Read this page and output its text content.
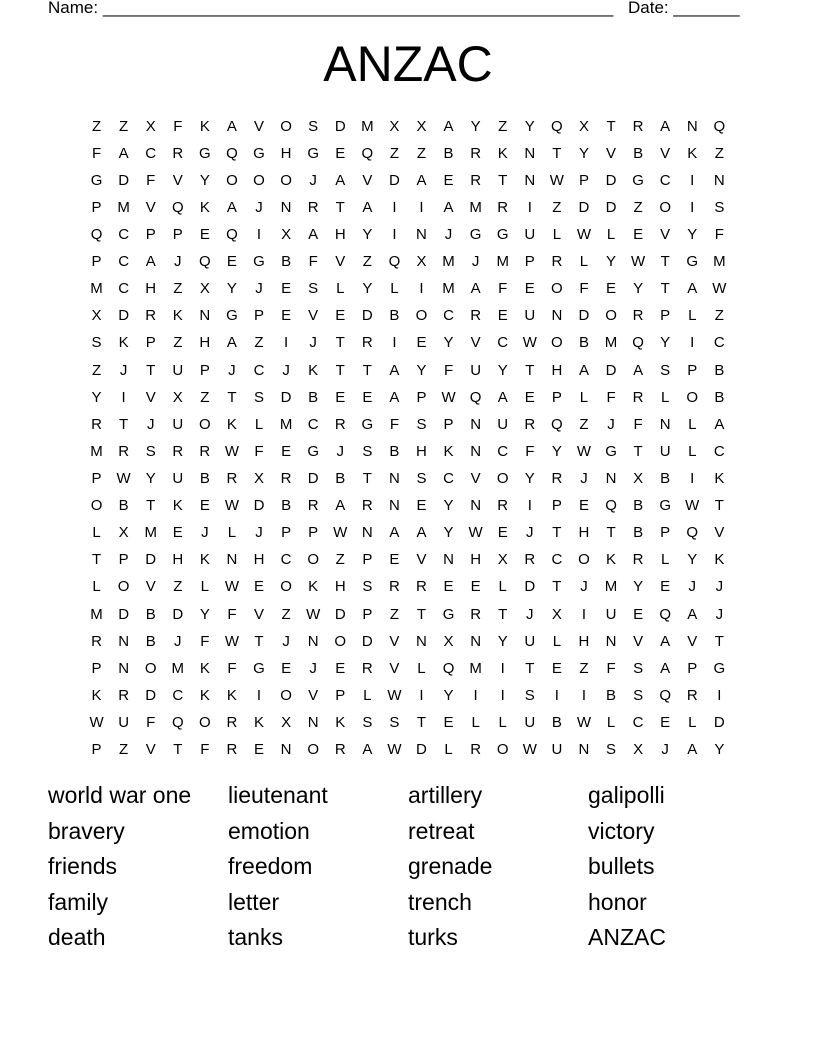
Name: ______________________________________________________ Date: _______
ANZAC
Z	Z	X	F	K	A	V	O	S	D	M	X	X	A	Y	Z	Y	Q	X	T	R	A	N	Q
F	A	C	R	G	Q	G	H	G	E	Q	Z	Z	B	R	K	N	T	Y	V	B	V	K	Z
G	D	F	V	Y	O	O	O	J	A	V	D	A	E	R	T	N W P	D	G	C	I	N
P	M	V	Q	K	A	J	N	R	T	A	I	I	A	M	R	I	Z	D	D	Z	O	I	S
Q	C	P	P	E	Q	I	X	A	H	Y	I	N	J	G	G	U	L	W	L	E	V	Y	F
P	C	A	J	Q	E	G	B	F	V	Z	Q	X	M	J	M	P	R	L	Y W	T	G M
M	C	H	Z	X	Y	J	E	S	L	Y	L	I	M	A	F	E	O	F	E	Y	T	A W
X	D	R	K	N	G	P	E	V	E	D	B	O	C	R	E	U	N	D	O	R	P	L	Z
S	K	P	Z	H	A	Z	I	J	T	R	I	E	Y	V	C W O	B	M	Q	Y	I	C
Z	J	T	U	P	J	C	J	K	T	T	A	Y	F	U	Y	T	H	A	D	A	S	P	B
Y	I	V	X	Z	T	S	D	B	E	E	A	P W Q	A	E	P	L	F	R	L	O	B
R	T	J	U	O	K	L	M	C	R	G	F	S	P	N	U	R	Q	Z	J	F	N	L	A
M	R	S	R	R W	F	E	G	J	S	B	H	K	N	C	F	Y W G	T	U	L	C
P W Y	U	B	R	X	R	D	B	T	N	S	C	V	O	Y	R	J	N	X	B	I	K
O	B	T	K	E W D	B	R	A	R	N	E	Y	N	R	I	P	E	Q	B	G W	T
L	X	M	E	J	L	J	P	P W N	A	A	Y W E	J	T	H	T	B	P	Q	V
T	P	D	H	K	N	H	C	O	Z	P	E	V	N	H	X	R	C	O	K	R	L	Y	K
L	O	V	Z	L	W E	O	K	H	S	R	R	E	E	L	D	T	J	M	Y	E	J	J
M	D	B	D	Y	F	V	Z	W D	P	Z	T	G	R	T	J	X	I	U	E	Q	A	J
R	N	B	J	F	W	T	J	N	O	D	V	N	X	N	Y	U	L	H	N	V	A	V	T
P	N	O M	K	F	G	E	J	E	R	V	L	Q M	I	T	E	Z	F	S	A	P	G
K	R	D	C	K	K	I	O	V	P	L	W	I	Y	I	I	S	I	I	B	S	Q	R	I
W U	F	Q	O	R	K	X	N	K	S	S	T	E	L	L	U	B W	L	C	E	L	D
P	Z	V	T	F	R	E	N	O	R	A W D	L	R	O W U	N	S	X	J	A	Y
world war one	lieutenant	artillery	galipolli
bravery	emotion	retreat	victory
friends	freedom	grenade	bullets
family	letter	trench	honor
death	tanks	turks	ANZAC
